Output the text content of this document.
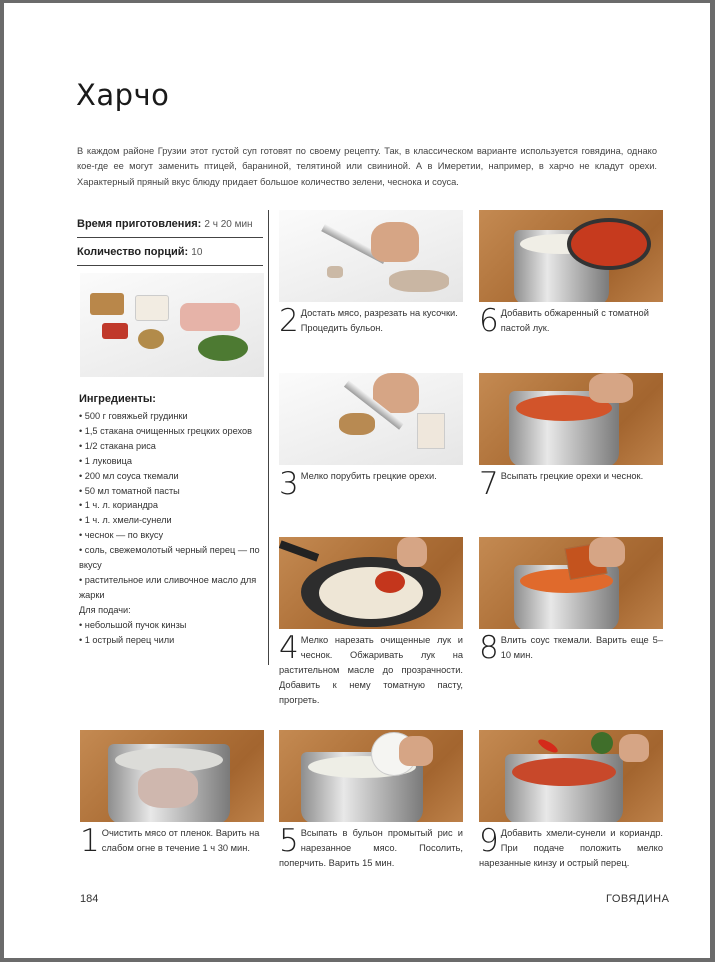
Харчо
В каждом районе Грузии этот густой суп готовят по своему рецепту. Так, в классическом варианте используется говядина, однако кое-где ее могут заменить птицей, бараниной, телятиной или свининой. А в Имеретии, например, в харчо не кладут орехи. Характерный пряный вкус блюду придает большое количество зелени, чеснока и соуса.
Время приготовления: 2 ч 20 мин
Количество порций: 10
Ингредиенты:
• 500 г говяжьей грудинки
• 1,5 стакана очищенных грецких орехов
• 1/2 стакана риса
• 1 луковица
• 200 мл соуса ткемали
• 50 мл томатной пасты
• 1 ч. л. кориандра
• 1 ч. л. хмели-сунели
• чеснок — по вкусу
• соль, свежемолотый черный перец — по вкусу
• растительное или сливочное масло для жарки
Для подачи:
• небольшой пучок кинзы
• 1 острый перец чили
2 Достать мясо, разрезать на кусочки. Процедить бульон.	6 Добавить обжаренный с томатной пастой лук.
3 Мелко порубить грецкие орехи.	7 Всыпать грецкие орехи и чеснок.
4 Мелко нарезать очищенные лук и чеснок. Обжаривать лук на растительном масле до прозрачности. Добавить к нему томатную пасту, прогреть.
8 Влить соус ткемали. Варить еще 5–10 мин.
1 Очистить мясо от пленок. Варить на слабом огне в течение 1 ч 30 мин. 5 Всыпать в бульон промытый рис и нарезанное мясо. Посолить, поперчить. Варить 15 мин.
9 Добавить хмели-сунели и кориандр. При подаче положить мелко нарезанные кинзу и острый перец.
184	ГОВЯДИНА
